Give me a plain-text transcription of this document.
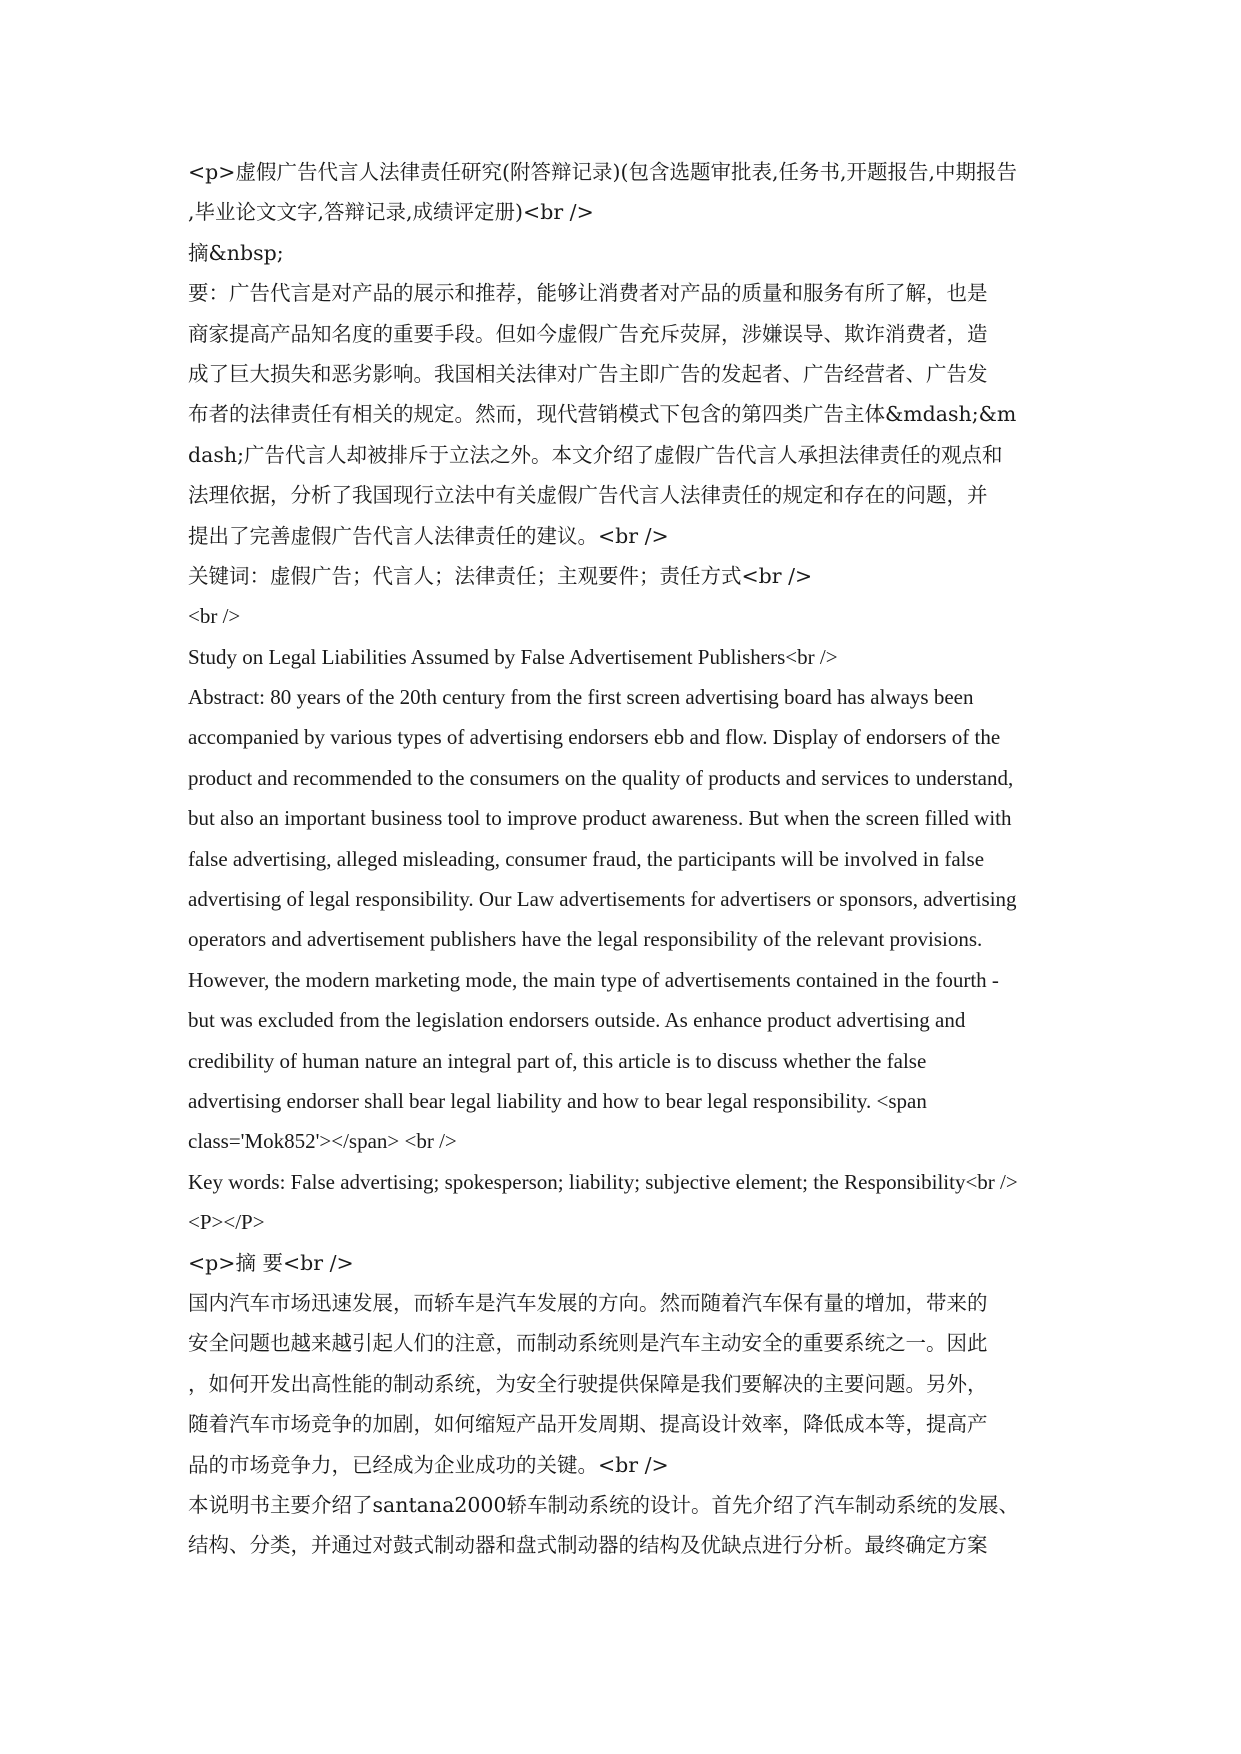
<p>虚假广告代言人法律责任研究(附答辩记录)(包含选题审批表,任务书,开题报告,中期报告
,毕业论文文字,答辩记录,成绩评定册)<br />
摘&nbsp;
要：广告代言是对产品的展示和推荐，能够让消费者对产品的质量和服务有所了解，也是
商家提高产品知名度的重要手段。但如今虚假广告充斥荧屏，涉嫌误导、欺诈消费者，造
成了巨大损失和恶劣影响。我国相关法律对广告主即广告的发起者、广告经营者、广告发
布者的法律责任有相关的规定。然而，现代营销模式下包含的第四类广告主体&mdash;&m
dash;广告代言人却被排斥于立法之外。本文介绍了虚假广告代言人承担法律责任的观点和
法理依据，分析了我国现行立法中有关虚假广告代言人法律责任的规定和存在的问题，并
提出了完善虚假广告代言人法律责任的建议。<br />
关键词：虚假广告；代言人；法律责任；主观要件；责任方式<br />
<br />
Study on Legal Liabilities Assumed by False Advertisement Publishers<br />
Abstract: 80 years of the 20th century from the first screen advertising board has always been
accompanied by various types of advertising endorsers ebb and flow. Display of endorsers of the
product and recommended to the consumers on the quality of products and services to understand,
but also an important business tool to improve product awareness. But when the screen filled with
false advertising, alleged misleading, consumer fraud, the participants will be involved in false
advertising of legal responsibility. Our Law advertisements for advertisers or sponsors, advertising
operators and advertisement publishers have the legal responsibility of the relevant provisions.
However, the modern marketing mode, the main type of advertisements contained in the fourth -
but was excluded from the legislation endorsers outside. As enhance product advertising and
credibility of human nature an integral part of, this article is to discuss whether the false
advertising endorser shall bear legal liability and how to bear legal responsibility. <span
class='Mok852'></span> <br />
Key words: False advertising; spokesperson; liability; subjective element; the Responsibility<br />
<P></P>
<p>摘 要<br />
国内汽车市场迅速发展，而轿车是汽车发展的方向。然而随着汽车保有量的增加，带来的
安全问题也越来越引起人们的注意，而制动系统则是汽车主动安全的重要系统之一。因此
，如何开发出高性能的制动系统，为安全行驶提供保障是我们要解决的主要问题。另外，
随着汽车市场竞争的加剧，如何缩短产品开发周期、提高设计效率，降低成本等，提高产
品的市场竞争力，已经成为企业成功的关键。<br />
本说明书主要介绍了santana2000轿车制动系统的设计。首先介绍了汽车制动系统的发展、
结构、分类，并通过对鼓式制动器和盘式制动器的结构及优缺点进行分析。最终确定方案
